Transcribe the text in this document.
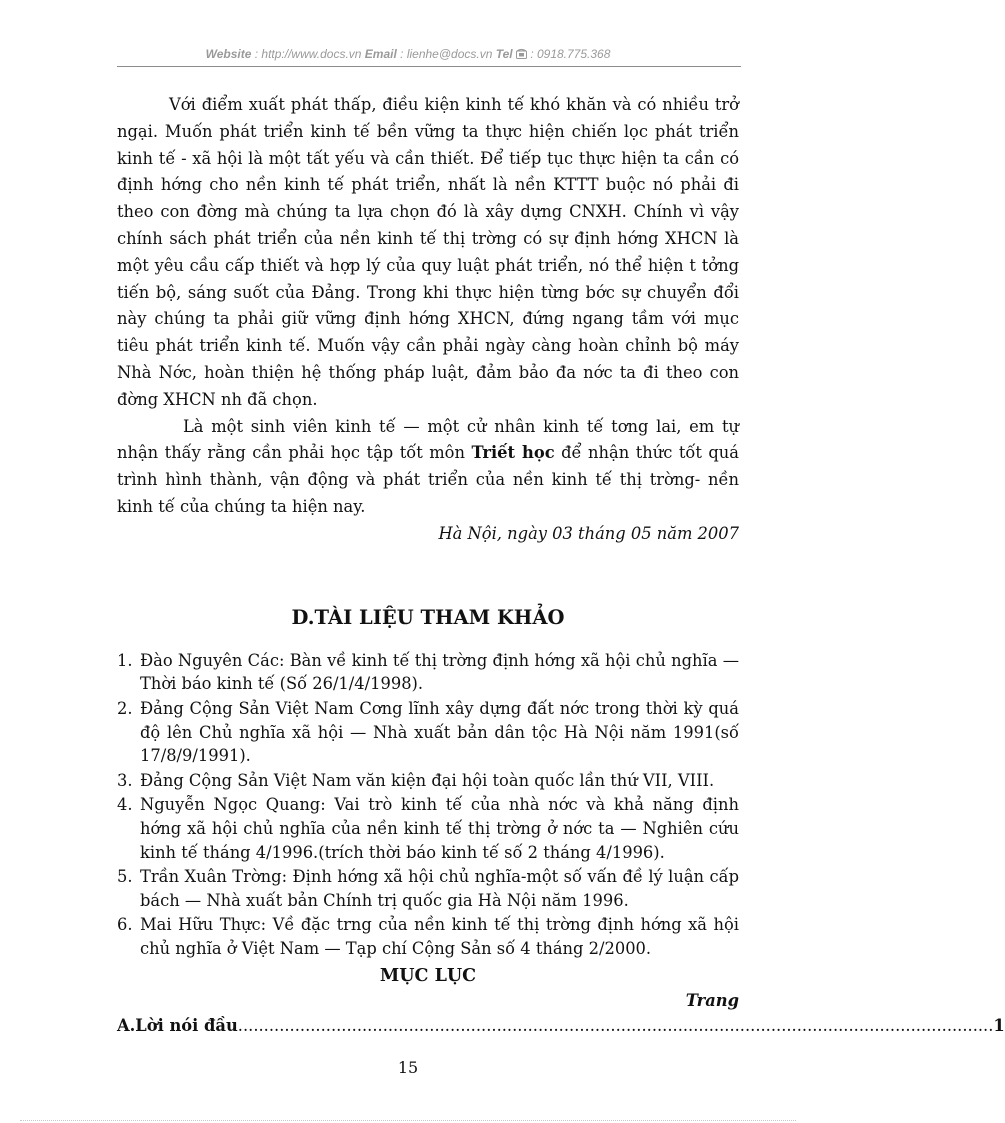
Website : http://www.docs.vn Email : lienhe@docs.vn Tel  : 0918.775.368

Với điểm xuất phát thấp, điều kiện kinh tế khó khăn và có nhiều trở ngại. Muốn phát triển kinh tế bền vững ta thực hiện chiến lọc phát triển kinh tế - xã hội là một tất yếu và cần thiết. Để tiếp tục thực hiện ta cần có định hớng cho nền kinh tế phát triển, nhất là nền KTTT buộc nó phải đi theo con đờng mà chúng ta lựa chọn đó là xây dựng CNXH. Chính vì vậy chính sách phát triển của nền kinh tế thị trờng có sự định hớng XHCN là một yêu cầu cấp thiết và hợp lý của quy luật phát triển, nó thể hiện t tởng tiến bộ, sáng suốt của Đảng. Trong khi thực hiện từng bớc sự chuyển đổi này chúng ta phải giữ vững định hớng XHCN, đứng ngang tầm với mục tiêu phát triển kinh tế. Muốn vậy cần phải ngày càng hoàn chỉnh bộ máy Nhà Nớc, hoàn thiện hệ thống pháp luật, đảm bảo đa nớc ta đi theo con đờng XHCN nh đã chọn.

Là một sinh viên kinh tế — một cử nhân kinh tế tơng lai, em tự nhận thấy rằng cần phải học tập tốt môn Triết học để nhận thức tốt quá trình hình thành, vận động và phát triển của nền kinh tế thị trờng- nền kinh tế của chúng ta hiện nay.

Hà Nội, ngày 03 tháng 05 năm 2007
D.TÀI LIỆU THAM KHẢO
1. Đào Nguyên Các: Bàn về kinh tế thị trờng định hớng xã hội chủ nghĩa — Thời báo kinh tế (Số 26/1/4/1998).
2. Đảng Cộng Sản Việt Nam Cơng lĩnh xây dựng đất nớc trong thời kỳ quá độ lên Chủ nghĩa xã hội — Nhà xuất bản dân tộc Hà Nội năm 1991(số 17/8/9/1991).
3. Đảng Cộng Sản Việt Nam văn kiện đại hội toàn quốc lần thứ VII, VIII.
4. Nguyễn Ngọc Quang: Vai trò kinh tế của nhà nớc và khả năng định hớng xã hội chủ nghĩa của nền kinh tế thị trờng ở nớc ta — Nghiên cứu kinh tế tháng 4/1996.(trích thời báo kinh tế số 2 tháng 4/1996).
5. Trần Xuân Trờng: Định hớng xã hội chủ nghĩa-một số vấn đề lý luận cấp bách — Nhà xuất bản Chính trị quốc gia Hà Nội năm 1996.
6. Mai Hữu Thực: Về đặc trng của nền kinh tế thị trờng định hớng xã hội chủ nghĩa ở Việt Nam — Tạp chí Cộng Sản số 4 tháng 2/2000.
MỤC LỤC
Trang
A.Lời nói đầu .................................................................................................................................................. 1
15
